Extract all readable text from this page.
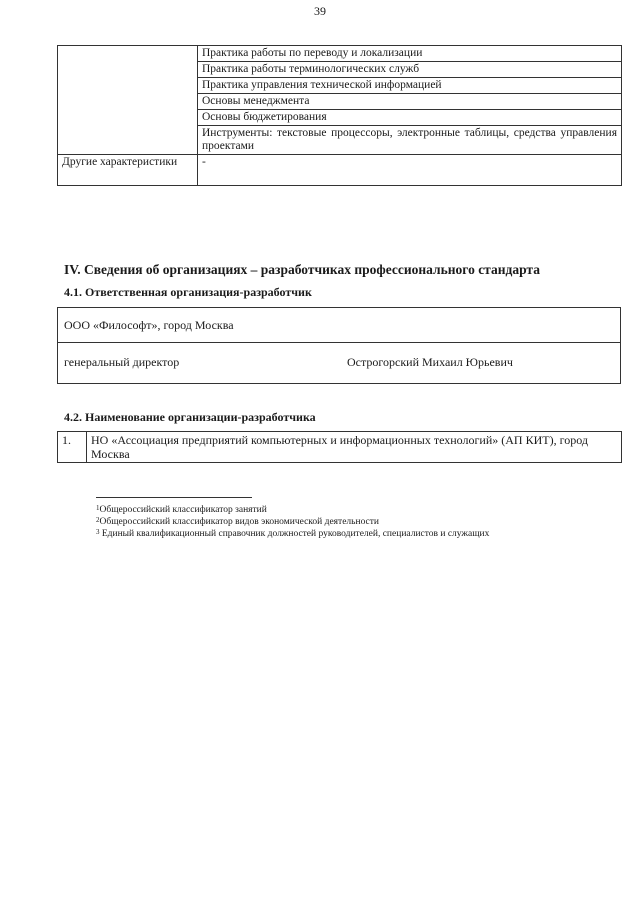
39
	Практика работы по переводу и локализации
	Практика работы терминологических служб
	Практика управления технической информацией
	Основы менеджмента
	Основы бюджетирования
	Инструменты: текстовые процессоры, электронные таблицы, средства управления проектами
Другие характеристики	-
IV. Сведения об организациях – разработчиках профессионального стандарта
4.1. Ответственная организация-разработчик
ООО «Философт», город Москва
генеральный директор	Острогорский Михаил Юрьевич
4.2. Наименование организации-разработчика
1.	НО «Ассоциация предприятий компьютерных и информационных технологий» (АП КИТ), город Москва
$^1$Общероссийский классификатор занятий
$^2$Общероссийский классификатор видов экономической деятельности
$^3$ Единый квалификационный справочник должностей руководителей, специалистов и служащих
